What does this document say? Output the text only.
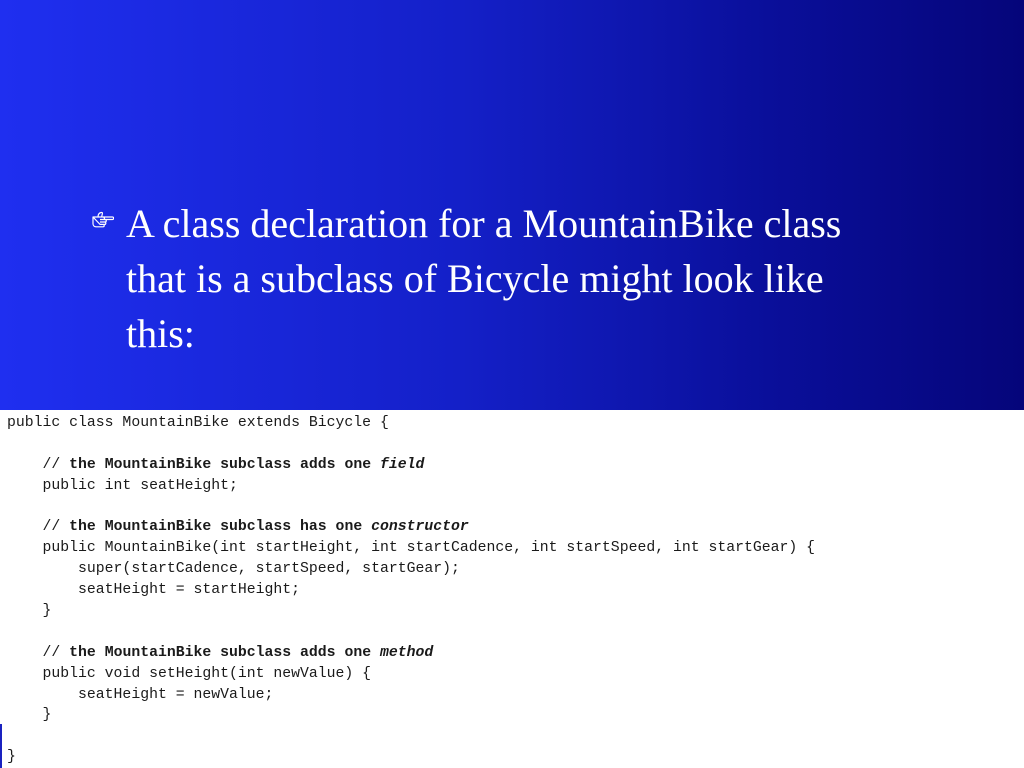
A class declaration for a MountainBike class that is a subclass of Bicycle might look like this:
public class MountainBike extends Bicycle {
// the MountainBike subclass adds one field
public int seatHeight;
// the MountainBike subclass has one constructor
public MountainBike(int startHeight, int startCadence, int startSpeed, int startGear) {
super(startCadence, startSpeed, startGear);
seatHeight = startHeight;
}
// the MountainBike subclass adds one method
public void setHeight(int newValue) {
seatHeight = newValue;
}
}
